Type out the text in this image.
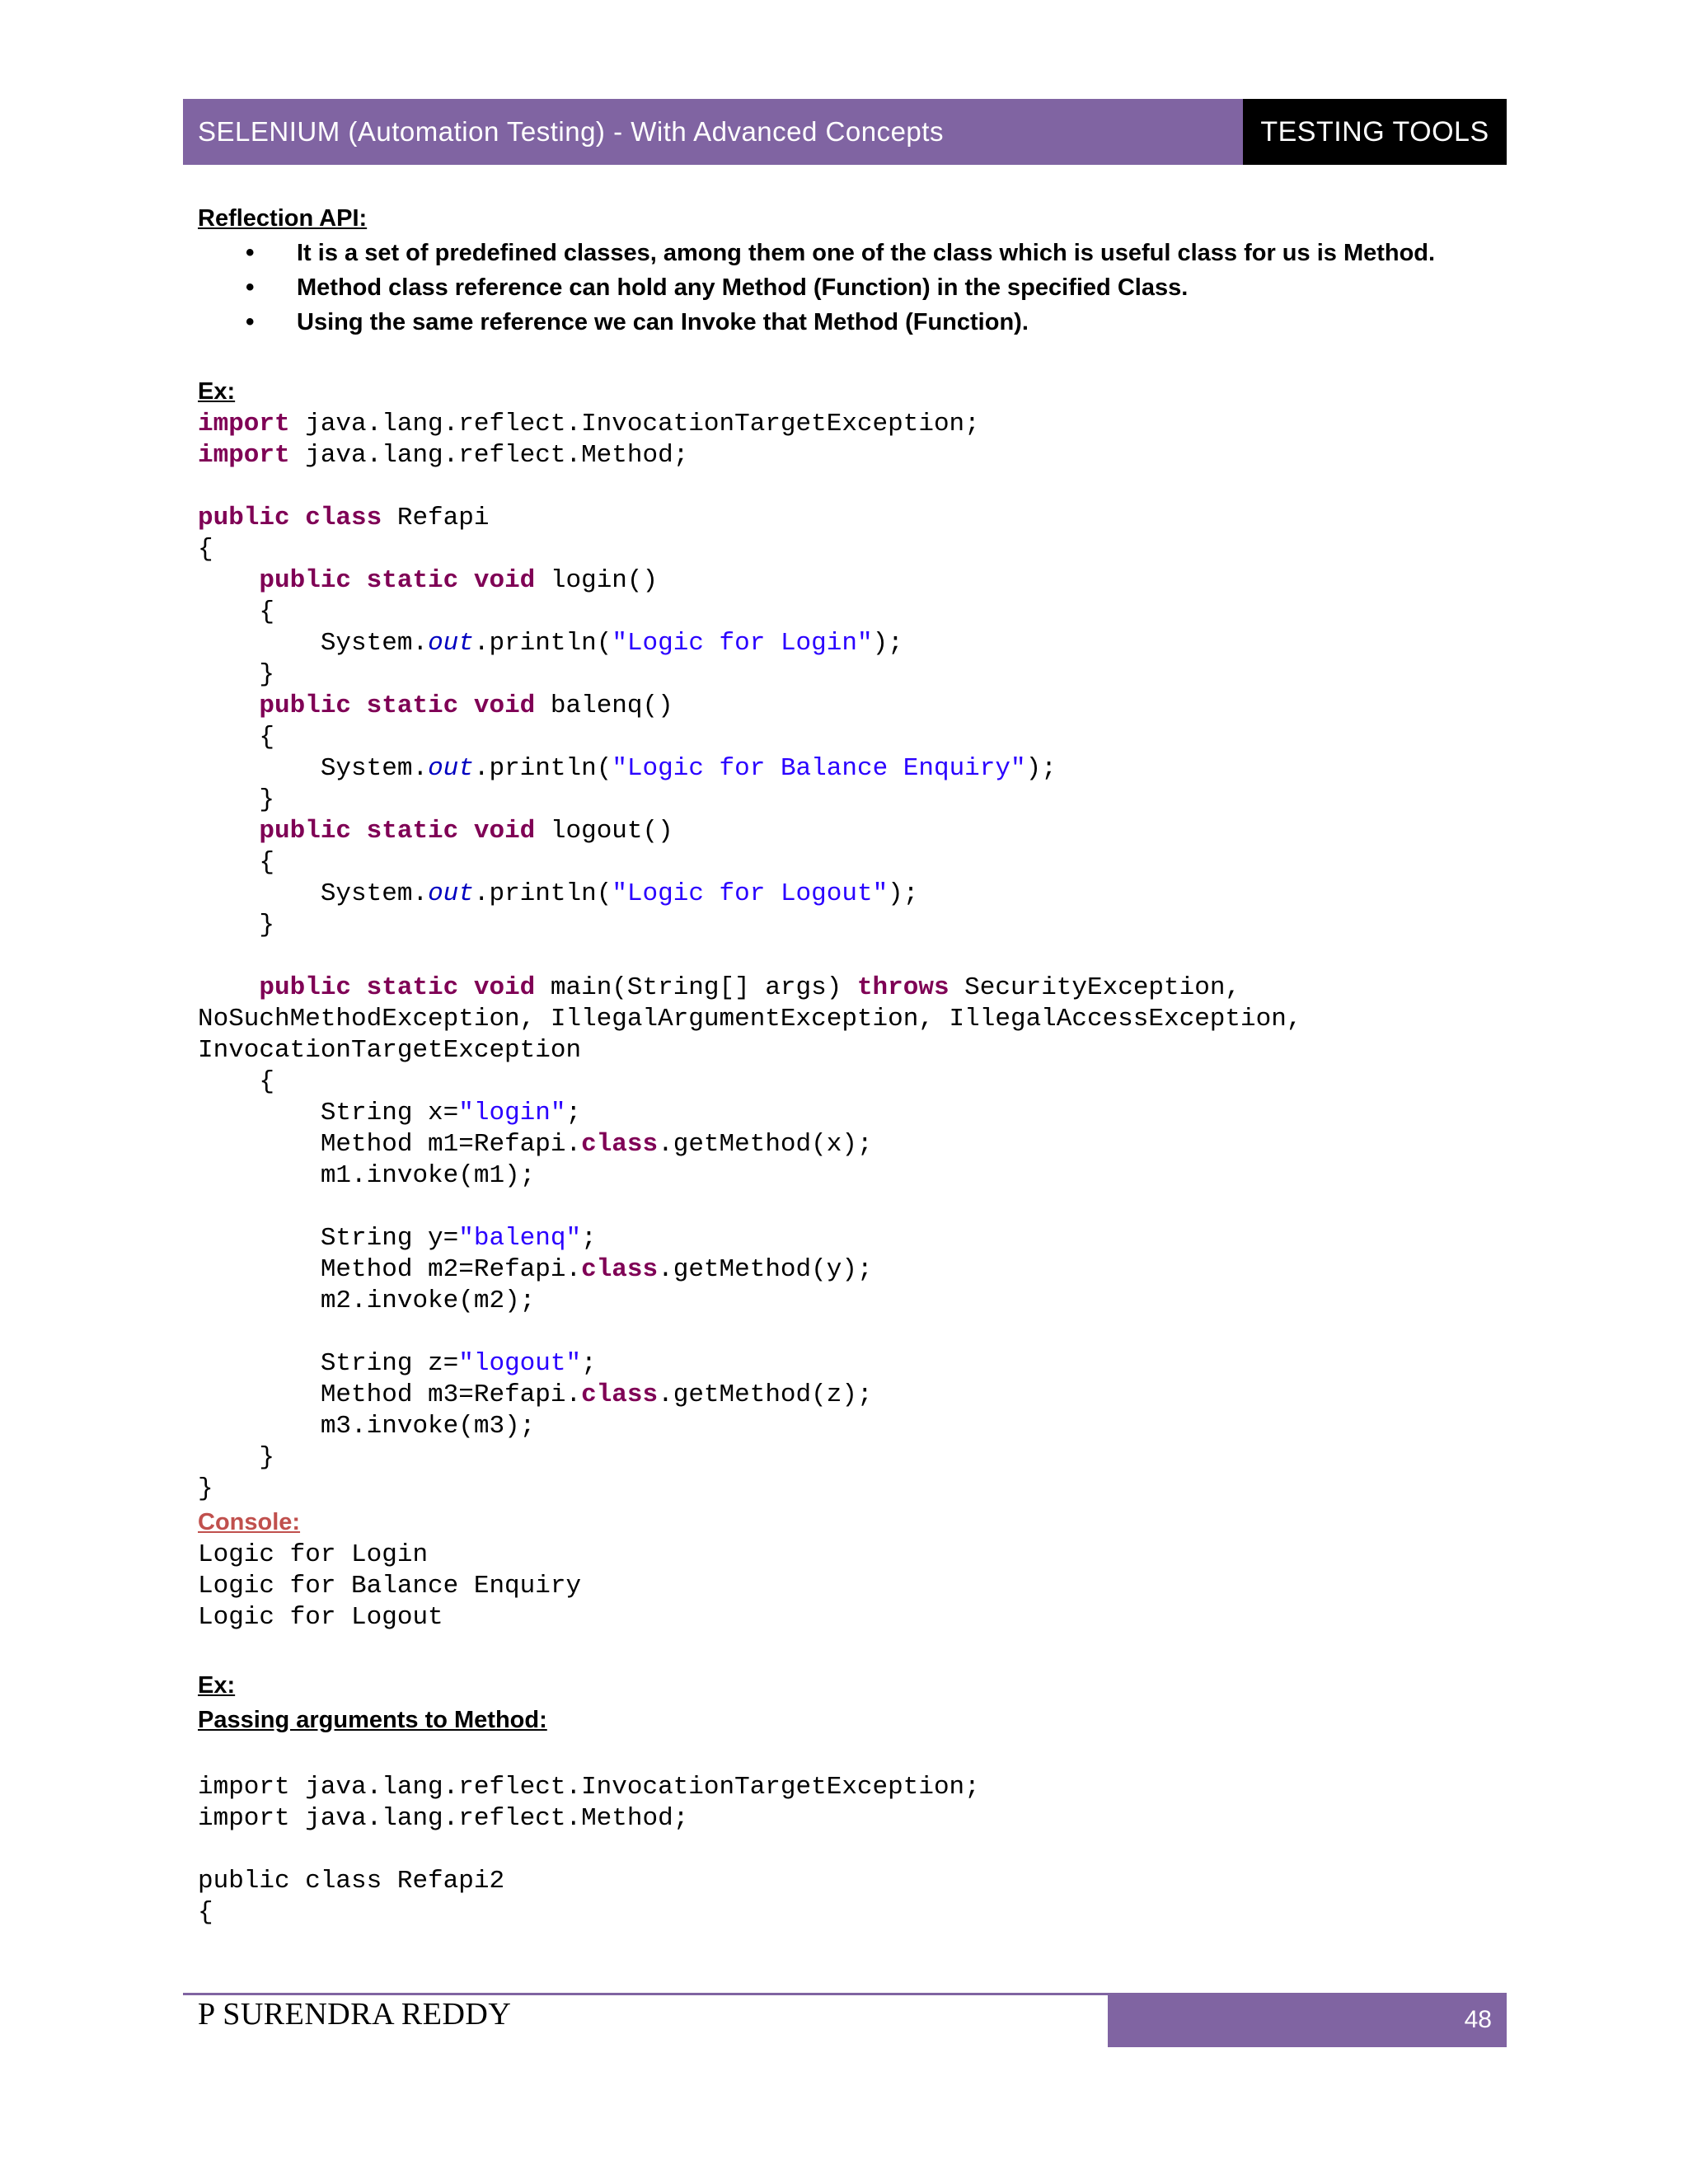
SELENIUM (Automation Testing) - With Advanced Concepts	TESTING TOOLS

Reflection API:

• It is a set of predefined classes, among them one of the class which is useful class for us is Method.
• Method class reference can hold any Method (Function) in the specified Class.
• Using the same reference we can Invoke that Method (Function).

Ex:

import java.lang.reflect.InvocationTargetException;
import java.lang.reflect.Method;

public class Refapi
{
	public static void login()
	{
		System.out.println("Logic for Login");
	}
	public static void balenq()
	{
		System.out.println("Logic for Balance Enquiry");
	}
	public static void logout()
	{
		System.out.println("Logic for Logout");
	}

	public static void main(String[] args) throws SecurityException,
NoSuchMethodException, IllegalArgumentException, IllegalAccessException,
InvocationTargetException
	{
		String x="login";
		Method m1=Refapi.class.getMethod(x);
		m1.invoke(m1);

		String y="balenq";
		Method m2=Refapi.class.getMethod(y);
		m2.invoke(m2);

		String z="logout";
		Method m3=Refapi.class.getMethod(z);
		m3.invoke(m3);
	}
}

Console:

Logic for Login
Logic for Balance Enquiry
Logic for Logout

Ex:

Passing arguments to Method:

import java.lang.reflect.InvocationTargetException;
import java.lang.reflect.Method;

public class Refapi2
{
P SURENDRA REDDY	48
